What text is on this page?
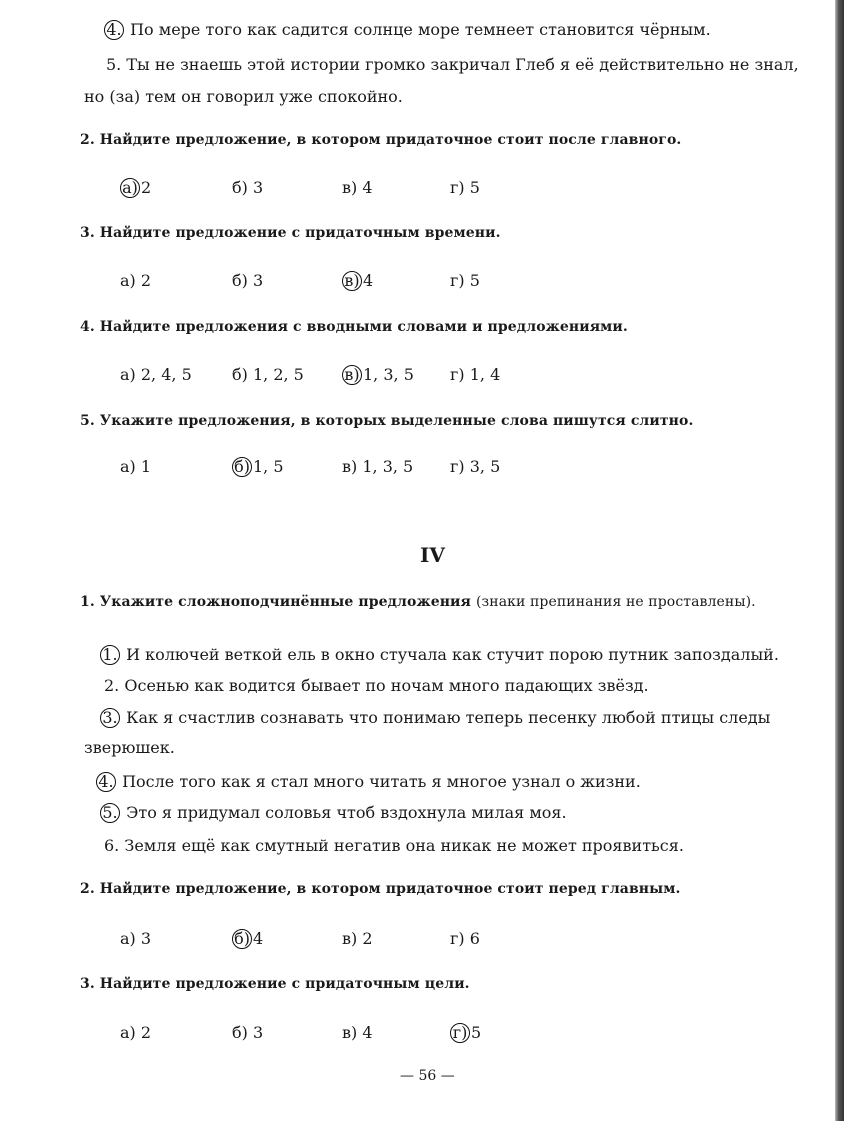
4. По мере того как садится солнце море темнеет становится чёрным.
5. Ты не знаешь этой истории громко закричал Глеб я её действительно не знал,
но (за) тем он говорил уже спокойно.
2. Найдите предложение, в котором придаточное стоит после главного.
а) 2	б) 3	в) 4	г) 5
3. Найдите предложение с придаточным времени.
а) 2	б) 3	в) 4	г) 5
4. Найдите предложения с вводными словами и предложениями.
а) 2, 4, 5	б) 1, 2, 5	в) 1, 3, 5 г) 1, 4
5. Укажите предложения, в которых выделенные слова пишутся слитно.
а) 1	б) 1, 5	в) 1, 3, 5 г) 3, 5
IV
1. Укажите сложноподчинённые предложения (знаки препинания не проставлены).
1. И колючей веткой ель в окно стучала как стучит порою путник запоздалый.
2. Осенью как водится бывает по ночам много падающих звёзд.
3. Как я счастлив сознавать что понимаю теперь песенку любой птицы следы
зверюшек.
4. После того как я стал много читать я многое узнал о жизни.
5. Это я придумал соловья чтоб вздохнула милая моя.
6. Земля ещё как смутный негатив она никак не может проявиться.
2. Найдите предложение, в котором придаточное стоит перед главным.
а) 3	б) 4	в) 2	г) 6
3. Найдите предложение с придаточным цели.
а) 2	б) 3	в) 4	г) 5
— 56 —
